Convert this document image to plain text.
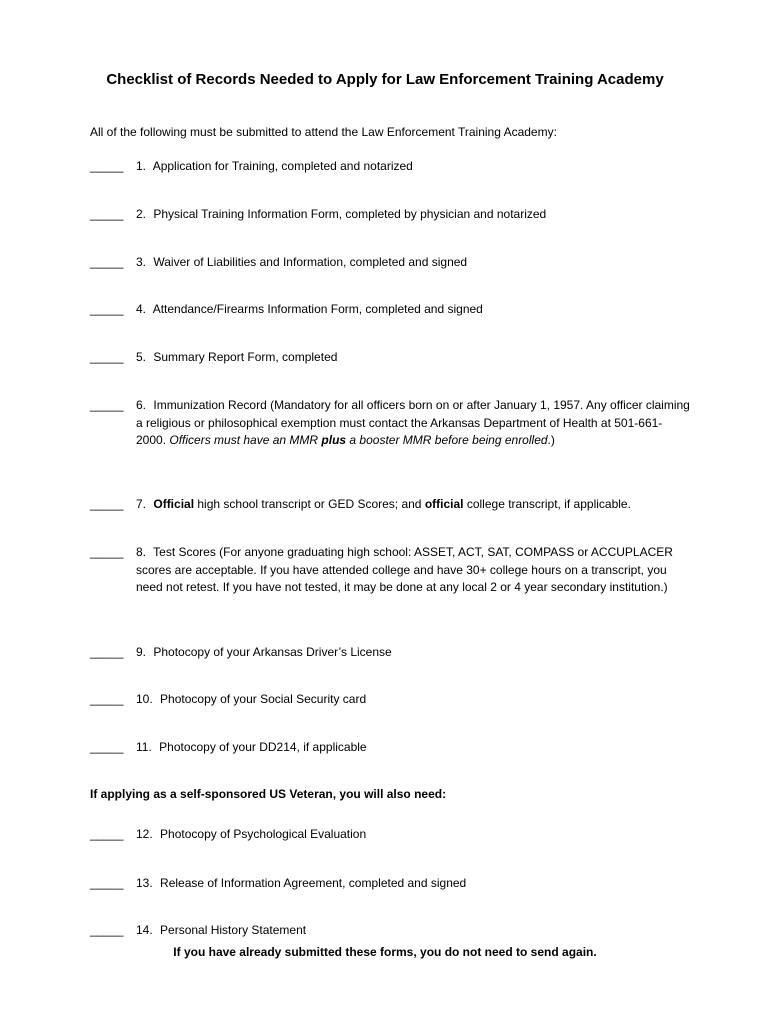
Checklist of Records Needed to Apply for Law Enforcement Training Academy
All of the following must be submitted to attend the Law Enforcement Training Academy:
_____ 1. Application for Training, completed and notarized
_____ 2. Physical Training Information Form, completed by physician and notarized
_____ 3. Waiver of Liabilities and Information, completed and signed
_____ 4. Attendance/Firearms Information Form, completed and signed
_____ 5. Summary Report Form, completed
_____ 6. Immunization Record (Mandatory for all officers born on or after January 1, 1957. Any officer claiming a religious or philosophical exemption must contact the Arkansas Department of Health at 501-661-2000. Officers must have an MMR plus a booster MMR before being enrolled.)
_____ 7. Official high school transcript or GED Scores; and official college transcript, if applicable.
_____ 8. Test Scores (For anyone graduating high school: ASSET, ACT, SAT, COMPASS or ACCUPLACER scores are acceptable. If you have attended college and have 30+ college hours on a transcript, you need not retest. If you have not tested, it may be done at any local 2 or 4 year secondary institution.)
_____ 9. Photocopy of your Arkansas Driver’s License
_____ 10. Photocopy of your Social Security card
_____ 11. Photocopy of your DD214, if applicable
If applying as a self-sponsored US Veteran, you will also need:
_____ 12. Photocopy of Psychological Evaluation
_____ 13. Release of Information Agreement, completed and signed
_____ 14. Personal History Statement
If you have already submitted these forms, you do not need to send again.
